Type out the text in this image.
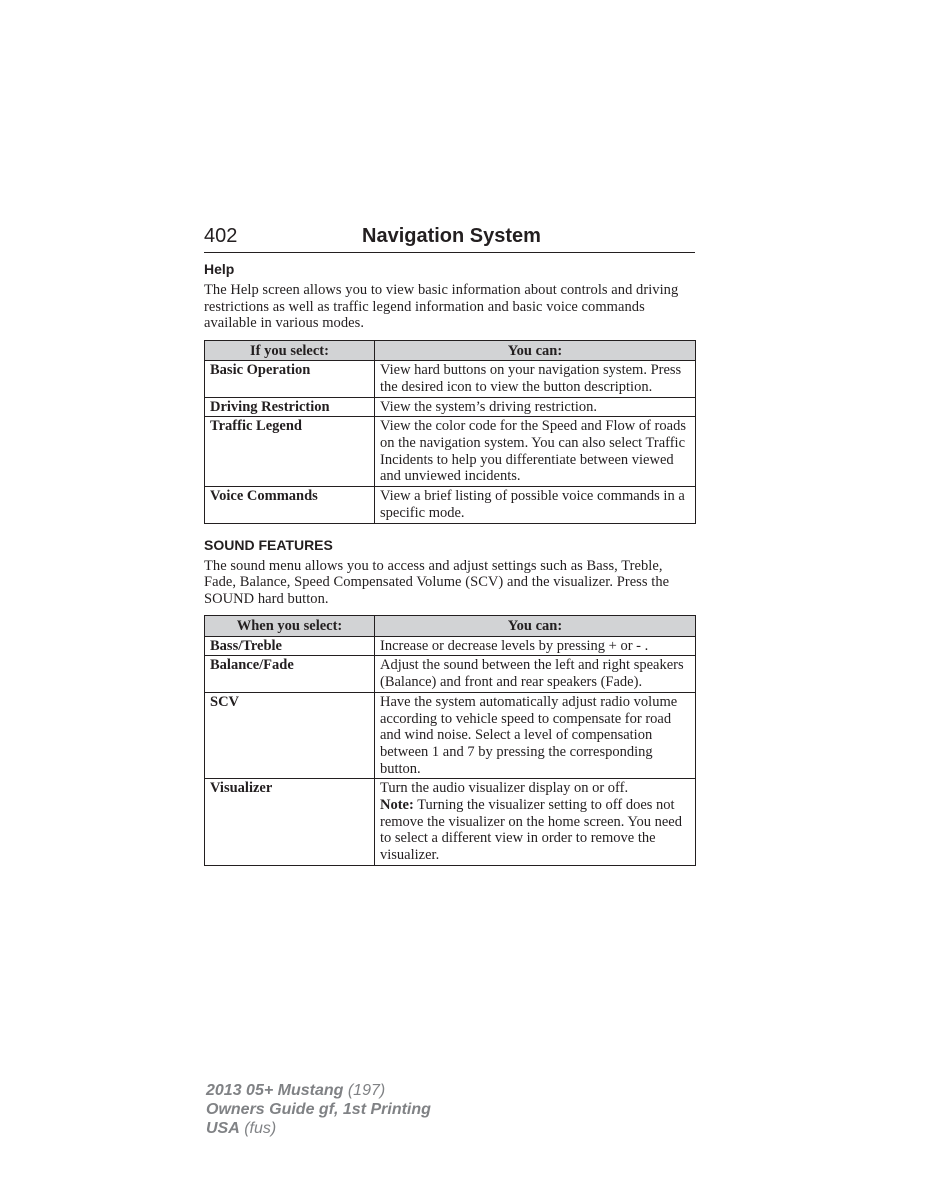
402	Navigation System
Help

The Help screen allows you to view basic information about controls and driving restrictions as well as traffic legend information and basic voice commands available in various modes.

If you select:	You can:
Basic Operation	View hard buttons on your navigation system. Press the desired icon to view the button description.
Driving Restriction	View the system’s driving restriction.
Traffic Legend	View the color code for the Speed and Flow of roads on the navigation system. You can also select Traffic Incidents to help you differentiate between viewed and unviewed incidents.
Voice Commands	View a brief listing of possible voice commands in a specific mode.
SOUND FEATURES

The sound menu allows you to access and adjust settings such as Bass, Treble, Fade, Balance, Speed Compensated Volume (SCV) and the visualizer. Press the SOUND hard button.

When you select:	You can:
Bass/Treble	Increase or decrease levels by pressing + or - .
Balance/Fade	Adjust the sound between the left and right speakers (Balance) and front and rear speakers (Fade).
SCV	Have the system automatically adjust radio volume according to vehicle speed to compensate for road and wind noise. Select a level of compensation between 1 and 7 by pressing the corresponding button.
Visualizer	Turn the audio visualizer display on or off.
Note: Turning the visualizer setting to off does not remove the visualizer on the home screen. You need to select a different view in order to remove the visualizer.
2013 05+ Mustang (197)
Owners Guide gf, 1st Printing
USA (fus)
